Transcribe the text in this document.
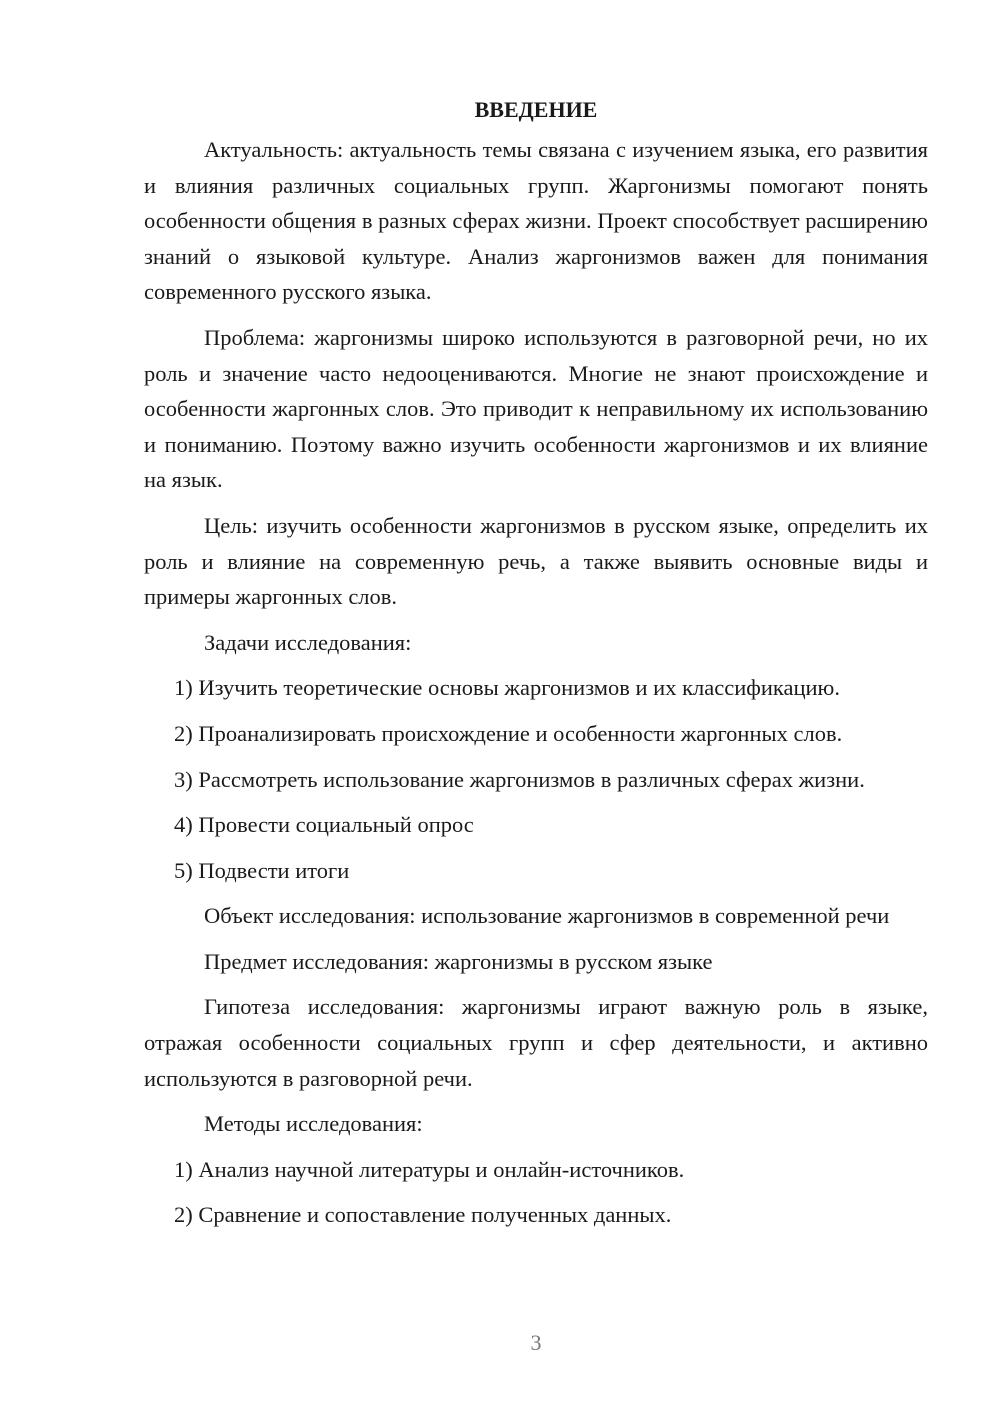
ВВЕДЕНИЕ

Актуальность: актуальность темы связана с изучением языка, его развития и влияния различных социальных групп. Жаргонизмы помогают понять особенности общения в разных сферах жизни. Проект способствует расширению знаний о языковой культуре. Анализ жаргонизмов важен для понимания современного русского языка.

Проблема: жаргонизмы широко используются в разговорной речи, но их роль и значение часто недооцениваются. Многие не знают происхождение и особенности жаргонных слов. Это приводит к неправильному их использованию и пониманию. Поэтому важно изучить особенности жаргонизмов и их влияние на язык.

Цель: изучить особенности жаргонизмов в русском языке, определить их роль и влияние на современную речь, а также выявить основные виды и примеры жаргонных слов.

Задачи исследования:

1) Изучить теоретические основы жаргонизмов и их классификацию.

2) Проанализировать происхождение и особенности жаргонных слов.

3) Рассмотреть использование жаргонизмов в различных сферах жизни.

4) Провести социальный опрос

5) Подвести итоги

Объект исследования: использование жаргонизмов в современной речи

Предмет исследования: жаргонизмы в русском языке

Гипотеза исследования: жаргонизмы играют важную роль в языке, отражая особенности социальных групп и сфер деятельности, и активно используются в разговорной речи.

Методы исследования:

1) Анализ научной литературы и онлайн-источников.

2) Сравнение и сопоставление полученных данных.

3
